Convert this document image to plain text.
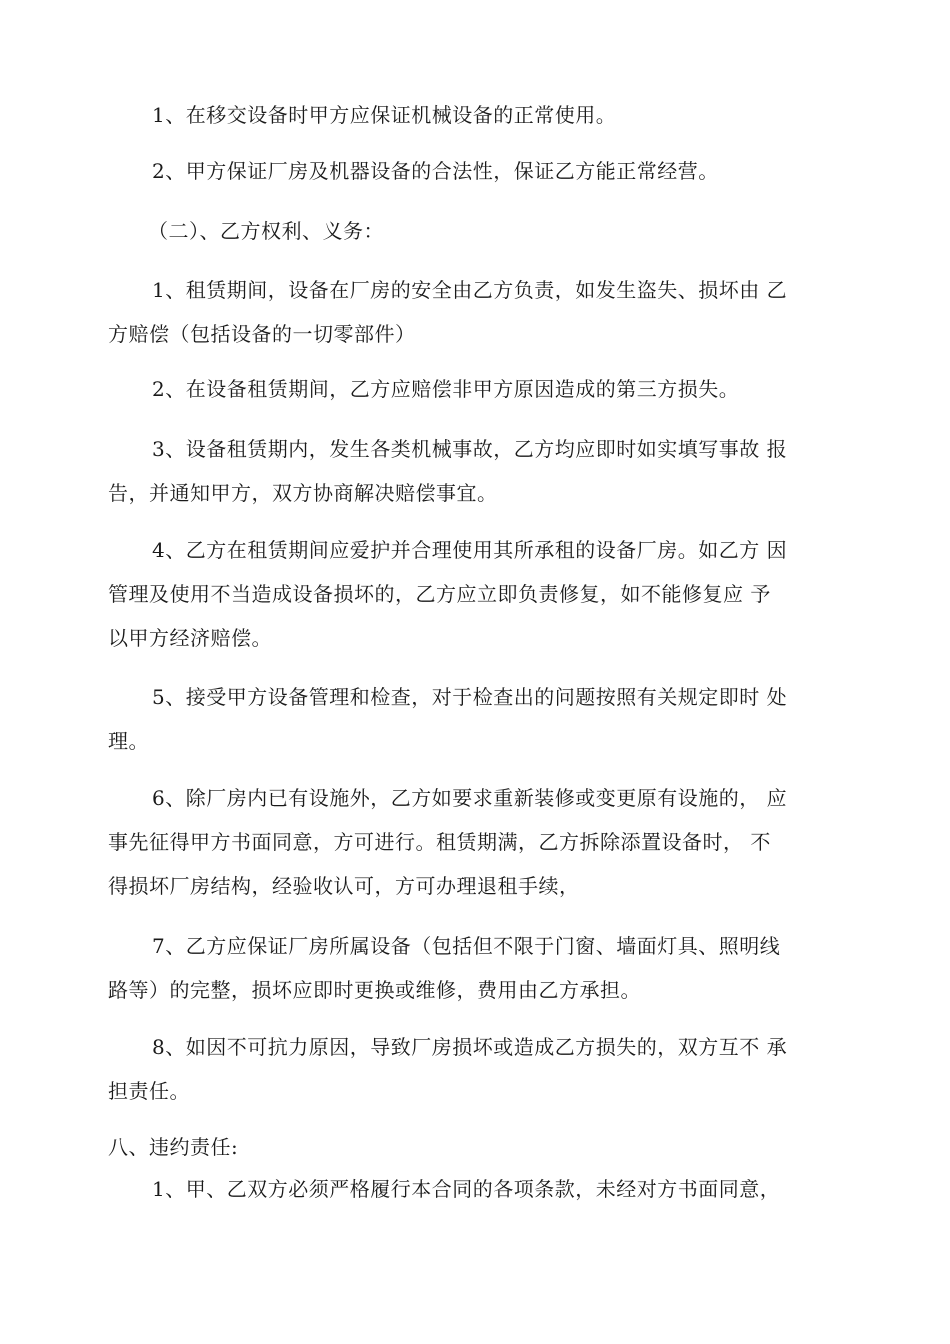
1、在移交设备时甲方应保证机械设备的正常使用。
2、甲方保证厂房及机器设备的合法性，保证乙方能正常经营。
（二）、乙方权利、义务：
1、租赁期间，设备在厂房的安全由乙方负责，如发生盗失、损坏由 乙
方赔偿（包括设备的一切零部件）
2、在设备租赁期间，乙方应赔偿非甲方原因造成的第三方损失。
3、设备租赁期内，发生各类机械事故，乙方均应即时如实填写事故 报
告，并通知甲方，双方协商解决赔偿事宜。
4、乙方在租赁期间应爱护并合理使用其所承租的设备厂房。如乙方 因
管理及使用不当造成设备损坏的，乙方应立即负责修复，如不能修复应 予
以甲方经济赔偿。
5、接受甲方设备管理和检查，对于检查出的问题按照有关规定即时 处
理。
6、除厂房内已有设施外，乙方如要求重新装修或变更原有设施的， 应
事先征得甲方书面同意，方可进行。租赁期满，乙方拆除添置设备时， 不
得损坏厂房结构，经验收认可，方可办理退租手续，
7、乙方应保证厂房所属设备（包括但不限于门窗、墙面灯具、照明线
路等）的完整，损坏应即时更换或维修，费用由乙方承担。
8、如因不可抗力原因，导致厂房损坏或造成乙方损失的，双方互不 承
担责任。
八、违约责任:
1、甲、乙双方必须严格履行本合同的各项条款，未经对方书面同意，
